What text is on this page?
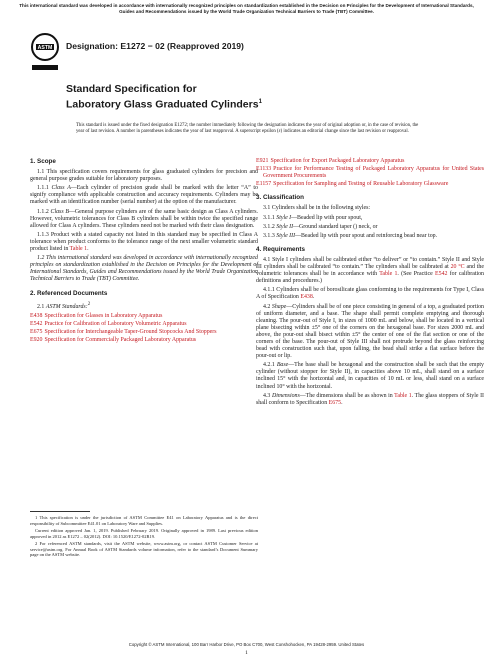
This international standard was developed in accordance with internationally recognized principles on standardization established in the Decision on Principles for the Development of International Standards, Guides and Recommendations issued by the World Trade Organization Technical Barriers to Trade (TBT) Committee.
ASTM Designation: E1272 − 02 (Reapproved 2019)
Standard Specification for
Laboratory Glass Graduated Cylinders$^1$
This standard is issued under the fixed designation E1272; the number immediately following the designation indicates the year of original adoption or, in the case of revision, the year of last revision. A number in parentheses indicates the year of last reapproval. A superscript epsilon (ε) indicates an editorial change since the last revision or reapproval.
1. Scope

1.1 This specification covers requirements for glass graduated cylinders for precision and general purpose grades suitable for laboratory purposes.

1.1.1 Class A—Each cylinder of precision grade shall be marked with the letter “A” to signify compliance with applicable construction and accuracy requirements. Cylinders may be marked with an identification number (serial number) at the option of the manufacturer.

1.1.2 Class B—General purpose cylinders are of the same basic design as Class A cylinders. However, volumetric tolerances for Class B cylinders shall be within twice the specified range allowed for Class A cylinders. These cylinders need not be marked with their class designation.

1.1.3 Product with a stated capacity not listed in this standard may be specified in Class A tolerance when product conforms to the tolerance range of the next smaller volumetric standard product listed in Table 1.

1.2 This international standard was developed in accordance with internationally recognized principles on standardization established in the Decision on Principles for the Development of International Standards, Guides and Recommendations issued by the World Trade Organization Technical Barriers to Trade (TBT) Committee.

2. Referenced Documents

2.1 ASTM Standards:$^2$

E438 Specification for Glasses in Laboratory Apparatus
E542 Practice for Calibration of Laboratory Volumetric Apparatus
E675 Specification for Interchangeable Taper-Ground Stopcocks And Stoppers
E920 Specification for Commercially Packaged Laboratory Apparatus

1 This specification is under the jurisdiction of ASTM Committee E41 on Laboratory Apparatus and is the direct responsibility of Subcommittee E41.01 on Laboratory Ware and Supplies.

Current edition approved Jan. 1, 2019. Published February 2019. Originally approved in 1989. Last previous edition approved in 2012 as E1272 – 02(2012). DOI: 10.1520/E1272-02R19.

2 For referenced ASTM standards, visit the ASTM website, www.astm.org, or contact ASTM Customer Service at service@astm.org. For Annual Book of ASTM Standards volume information, refer to the standard’s Document Summary page on the ASTM website.

E921 Specification for Export Packaged Laboratory Apparatus
E1133 Practice for Performance Testing of Packaged Laboratory Apparatus for United States Government Procurements
E1157 Specification for Sampling and Testing of Reusable Laboratory Glassware
3. Classification

3.1 Cylinders shall be in the following styles:

3.1.1 Style I—Beaded lip with pour spout,

3.1.2 Style II—Ground standard taper () neck, or

3.1.3 Style III—Beaded lip with pour spout and reinforcing bead near top.

4. Requirements

4.1 Style I cylinders shall be calibrated either “to deliver” or “to contain.” Style II and Style III cylinders shall be calibrated “to contain.” The cylinders shall be calibrated at 20 °C and the volumetric tolerances shall be in accordance with Table 1. (See Practice E542 for calibration definitions and procedures.)

4.1.1 Cylinders shall be of borosilicate glass conforming to the requirements for Type I, Class A of Specification E438.

4.2 Shape—Cylinders shall be of one piece consisting in general of a top, a graduated portion of uniform diameter, and a base. The shape shall permit complete emptying and thorough cleaning. The pour-out of Style I, in sizes of 1000 mL and below, shall be located in a vertical plane bisecting within ±5° one of the corners on the hexagonal base. For sizes 2000 mL and above, the pour-out shall bisect within ±5° the center of one of the flat section or one of the corners of the base. The pour-out of Style III shall not protrude beyond the glass reinforcing bead with construction such that, upon falling, the bead shall strike a flat surface before the pour-out or lip.

4.2.1 Base—The base shall be hexagonal and the construction shall be such that the empty cylinder (without stopper for Style II), in capacities above 10 mL, shall stand on a surface inclined 15° with the horizontal and, in capacities of 10 mL or less, shall stand on a surface inclined 10° with the horizontal.

4.3 Dimensions—The dimensions shall be as shown in Table 1. The glass stoppers of Style II shall conform to Specification E675.

Copyright © ASTM International, 100 Barr Harbor Drive, PO Box C700, West Conshohocken, PA 19428-2959. United States
1
